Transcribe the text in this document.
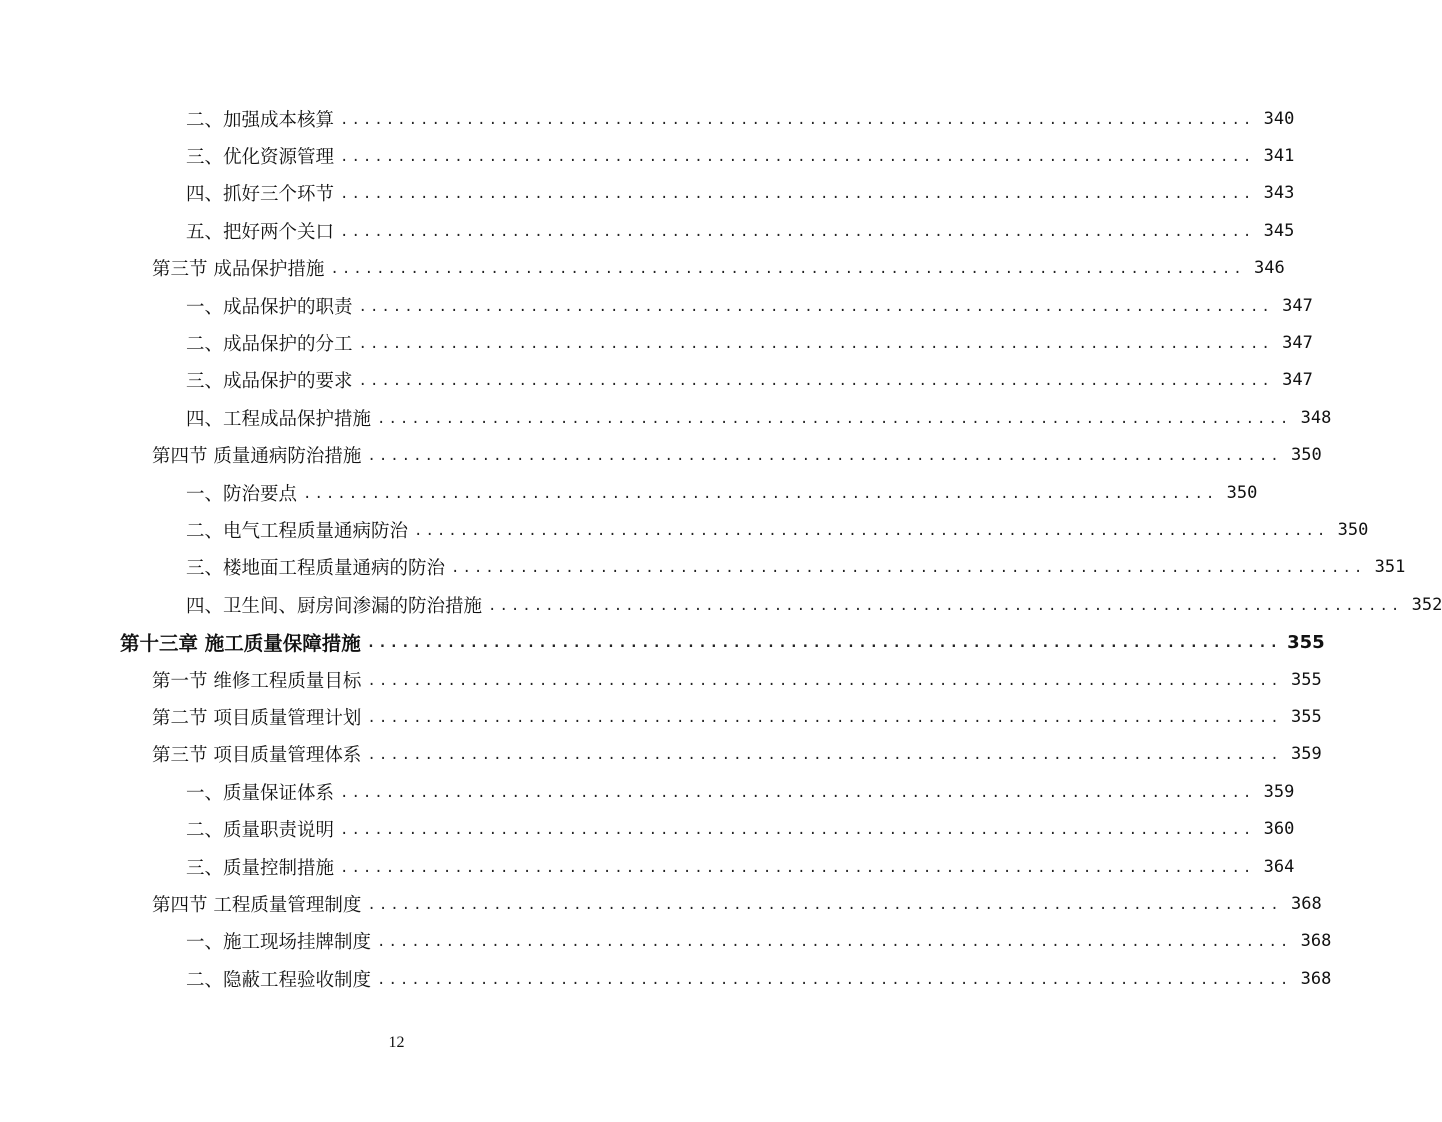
二、加强成本核算 ................................................................................ 340
三、优化资源管理 ................................................................................ 341
四、抓好三个环节 ................................................................................ 343
五、把好两个关口 ................................................................................ 345
第三节 成品保护措施 ................................................................................ 346
一、成品保护的职责 ................................................................................ 347
二、成品保护的分工 ................................................................................ 347
三、成品保护的要求 ................................................................................ 347
四、工程成品保护措施 ................................................................................ 348
第四节 质量通病防治措施 ................................................................................ 350
一、防治要点 ................................................................................ 350
二、电气工程质量通病防治 ................................................................................ 350
三、楼地面工程质量通病的防治 ................................................................................ 351
四、卫生间、厨房间渗漏的防治措施 ................................................................................ 352
第十三章 施工质量保障措施 ................................................................................ 355
第一节 维修工程质量目标 ................................................................................ 355
第二节 项目质量管理计划 ................................................................................ 355
第三节 项目质量管理体系 ................................................................................ 359
一、质量保证体系 ................................................................................ 359
二、质量职责说明 ................................................................................ 360
三、质量控制措施 ................................................................................ 364
第四节 工程质量管理制度 ................................................................................ 368
一、施工现场挂牌制度 ................................................................................ 368
二、隐蔽工程验收制度 ................................................................................ 368
12
